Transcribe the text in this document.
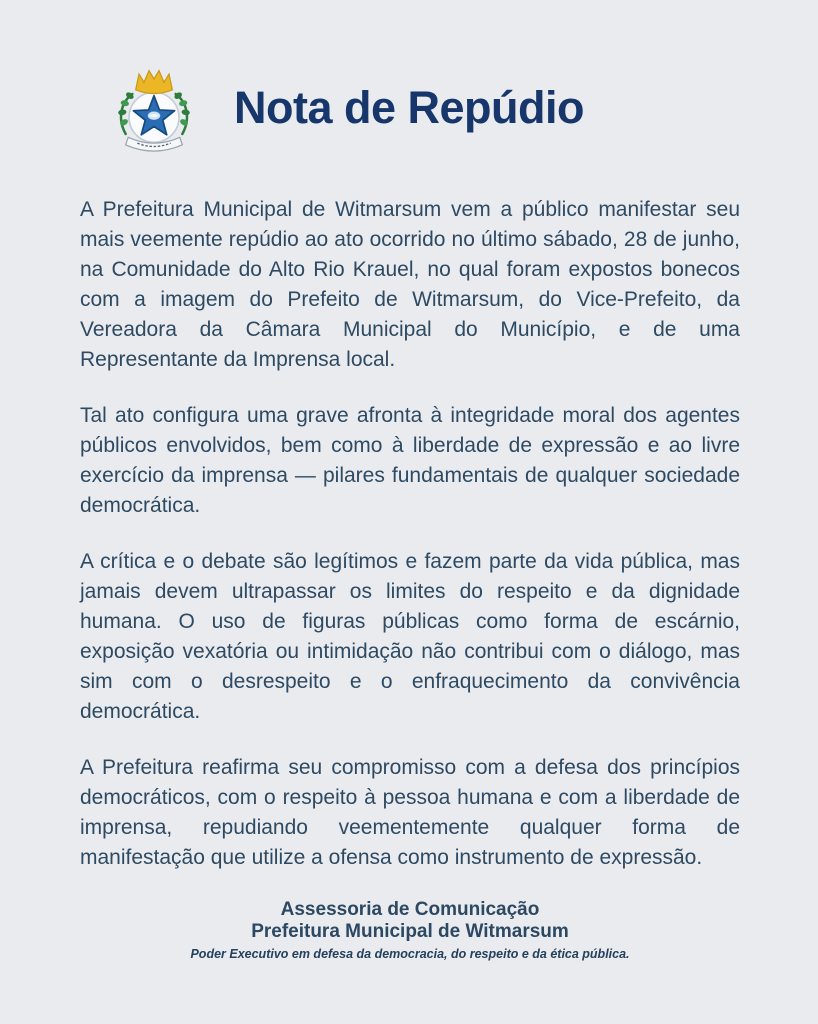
Nota de Repúdio

A Prefeitura Municipal de Witmarsum vem a público manifestar seu mais veemente repúdio ao ato ocorrido no último sábado, 28 de junho, na Comunidade do Alto Rio Krauel, no qual foram expostos bonecos com a imagem do Prefeito de Witmarsum, do Vice-Prefeito, da Vereadora da Câmara Municipal do Município, e de uma Representante da Imprensa local.

Tal ato configura uma grave afronta à integridade moral dos agentes públicos envolvidos, bem como à liberdade de expressão e ao livre exercício da imprensa — pilares fundamentais de qualquer sociedade democrática.

A crítica e o debate são legítimos e fazem parte da vida pública, mas jamais devem ultrapassar os limites do respeito e da dignidade humana. O uso de figuras públicas como forma de escárnio, exposição vexatória ou intimidação não contribui com o diálogo, mas sim com o desrespeito e o enfraquecimento da convivência democrática.

A Prefeitura reafirma seu compromisso com a defesa dos princípios democráticos, com o respeito à pessoa humana e com a liberdade de imprensa, repudiando veementemente qualquer forma de manifestação que utilize a ofensa como instrumento de expressão.

Assessoria de Comunicação
Prefeitura Municipal de Witmarsum
Poder Executivo em defesa da democracia, do respeito e da ética pública.
